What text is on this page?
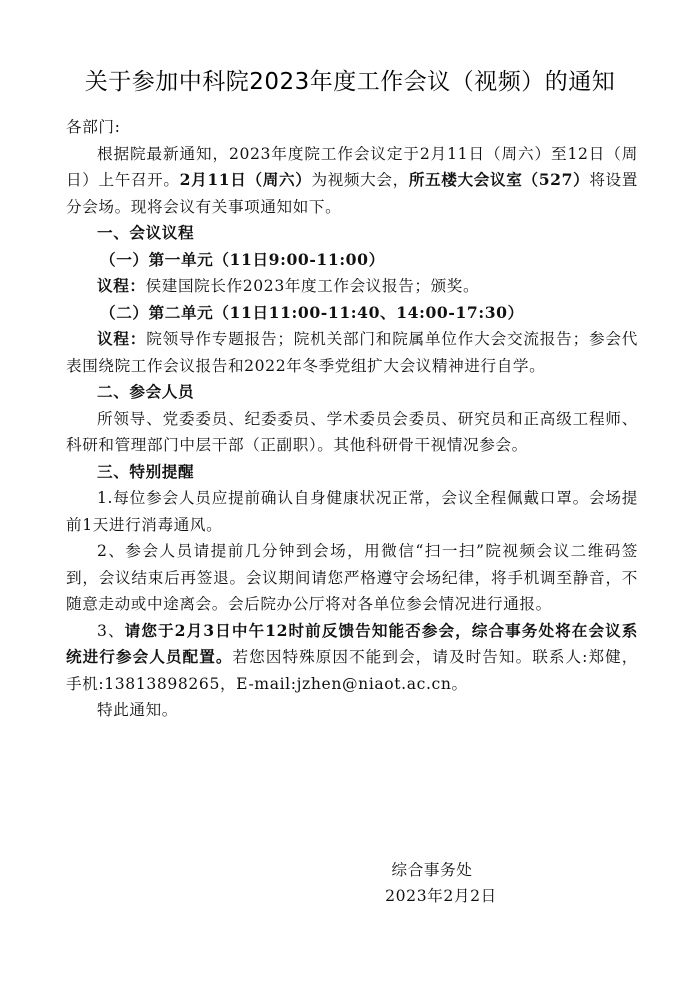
关于参加中科院2023年度工作会议（视频）的通知

各部门:

根据院最新通知，2023年度院工作会议定于2月11日（周六）至12日（周日）上午召开。2月11日（周六）为视频大会，所五楼大会议室（527）将设置分会场。现将会议有关事项通知如下。

一、会议议程

（一）第一单元（11日9:00-11:00）

议程：侯建国院长作2023年度工作会议报告；颁奖。

（二）第二单元（11日11:00-11:40、14:00-17:30）

议程：院领导作专题报告；院机关部门和院属单位作大会交流报告；参会代表围绕院工作会议报告和2022年冬季党组扩大会议精神进行自学。

二、参会人员

所领导、党委委员、纪委委员、学术委员会委员、研究员和正高级工程师、科研和管理部门中层干部（正副职）。其他科研骨干视情况参会。

三、特别提醒

1.每位参会人员应提前确认自身健康状况正常，会议全程佩戴口罩。会场提前1天进行消毒通风。

2、参会人员请提前几分钟到会场，用微信“扫一扫”院视频会议二维码签到，会议结束后再签退。会议期间请您严格遵守会场纪律，将手机调至静音，不随意走动或中途离会。会后院办公厅将对各单位参会情况进行通报。

3、请您于2月3日中午12时前反馈告知能否参会，综合事务处将在会议系统进行参会人员配置。若您因特殊原因不能到会，请及时告知。联系人:郑健，手机:13813898265，E-mail:jzhen@niaot.ac.cn。

特此通知。

综合事务处
2023年2月2日
